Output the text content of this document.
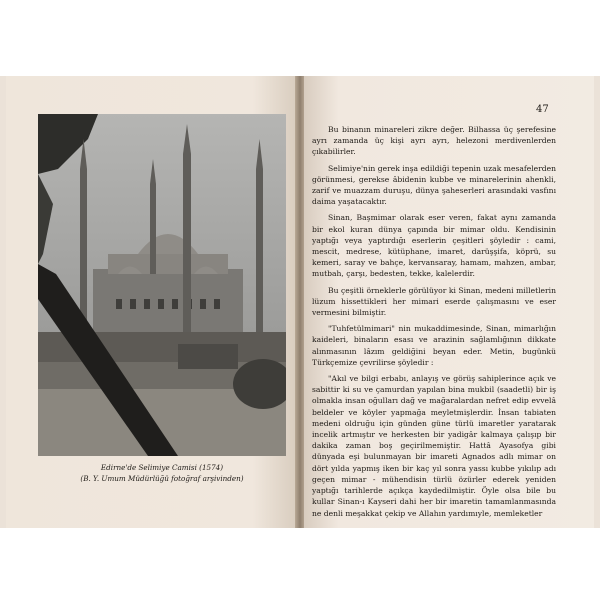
Edirne'de Selimiye Camisi (1574)
(B. Y. Umum Müdürlüğü fotoğraf arşivinden)
47

Bu binanın minareleri zikre değer. Bilhassa üç şerefesine ayrı zamanda üç kişi ayrı ayrı, helezoni merdivenlerden çıkabilirler.

Selimiye'nin gerek inşa edildiği tepenin uzak mesafelerden görünmesi, gerekse âbidenin kubbe ve minarelerinin ahenkli, zarif ve muazzam duruşu, dünya şaheserleri arasındaki vasfını daima yaşatacaktır.

Sinan, Başmimar olarak eser veren, fakat aynı zamanda bir ekol kuran dünya çapında bir mimar oldu. Kendisinin yaptığı veya yaptırdığı eserlerin çeşitleri şöyledir : cami, mescit, medrese, kütüphane, imaret, darüşşifa, köprü, su kemeri, saray ve bahçe, kervansaray, hamam, mahzen, ambar, mutbah, çarşı, bedesten, tekke, kalelerdir.

Bu çeşitli örneklerle görülüyor ki Sinan, medeni milletlerin lüzum hissettikleri her mimari eserde çalışmasını ve eser vermesini bilmiştir.

"Tuhfetülmimari" nin mukaddimesinde, Sinan, mimarlığın kaideleri, binaların esası ve arazinin sağlamlığının dikkate alınmasının lâzım geldiğini beyan eder. Metin, bugünkü Türkçemize çevrilirse şöyledir :

"Akıl ve bilgi erbabı, anlayış ve görüş sahiplerince açık ve sabittir ki su ve çamurdan yapılan bina mukbil (saadetli) bir iş olmakla insan oğulları dağ ve mağaralardan nefret edip evvelâ beldeler ve köyler yapmağa meyletmişlerdir. İnsan tabiaten medeni oldruğu için günden güne türlü imaretler yaratarak incelik artmıştır ve herkesten bir yadigâr kalmaya çalışıp bir dakika zaman boş geçirilmemiştir. Hattâ Ayasofya gibi dünyada eşi bulunmayan bir imareti Agnados adlı mimar on dört yılda yapmış iken bir kaç yıl sonra yassı kubbe yıkılıp adı geçen mimar - mühendisin türlü özürler ederek yeniden yaptığı tarihlerde açıkça kaydedilmiştir. Öyle olsa bile bu kullar Sinan-ı Kayseri dahi her bir imaretin tamamlanmasında ne denli meşakkat çekip ve Allahın yardımıyle, memleketler
